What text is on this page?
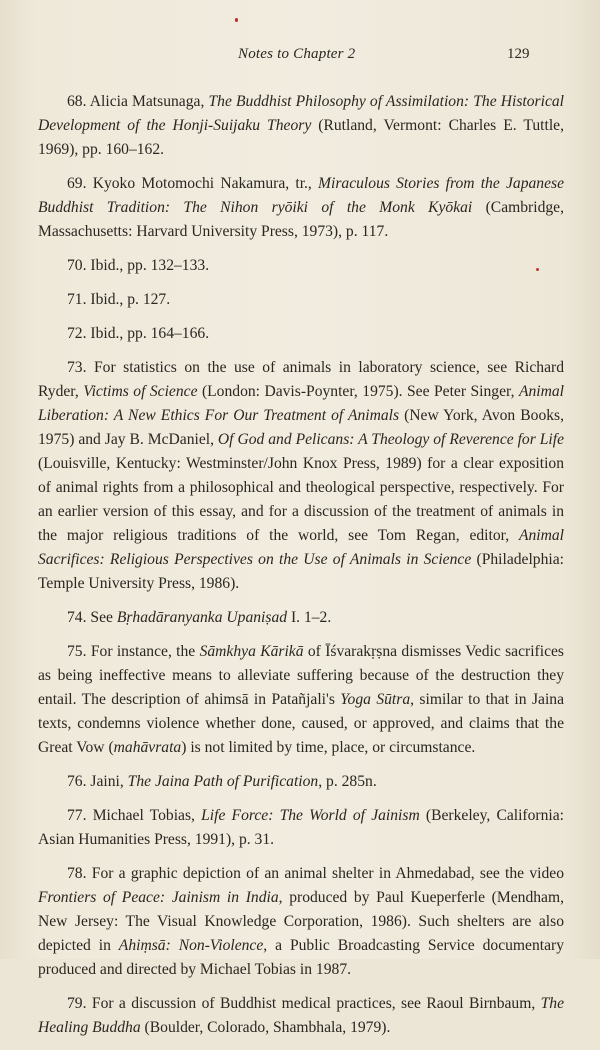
Notes to Chapter 2	129

68. Alicia Matsunaga, The Buddhist Philosophy of Assimilation: The Historical Development of the Honji-Suijaku Theory (Rutland, Vermont: Charles E. Tuttle, 1969), pp. 160–162.

69. Kyoko Motomochi Nakamura, tr., Miraculous Stories from the Japanese Buddhist Tradition: The Nihon ryōiki of the Monk Kyōkai (Cambridge, Massachusetts: Harvard University Press, 1973), p. 117.

70. Ibid., pp. 132–133.

71. Ibid., p. 127.

72. Ibid., pp. 164–166.

73. For statistics on the use of animals in laboratory science, see Richard Ryder, Victims of Science (London: Davis-Poynter, 1975). See Peter Singer, Animal Liberation: A New Ethics For Our Treatment of Animals (New York, Avon Books, 1975) and Jay B. McDaniel, Of God and Pelicans: A Theology of Reverence for Life (Louisville, Kentucky: Westminster/John Knox Press, 1989) for a clear exposition of animal rights from a philosophical and theological perspective, respectively. For an earlier version of this essay, and for a discussion of the treatment of animals in the major religious traditions of the world, see Tom Regan, editor, Animal Sacrifices: Religious Perspectives on the Use of Animals in Science (Philadelphia: Temple University Press, 1986).

74. See Bṛhadāranyanka Upaniṣad I. 1–2.

75. For instance, the Sāmkhya Kārikā of Īśvarakṛṣna dismisses Vedic sacrifices as being ineffective means to alleviate suffering because of the destruction they entail. The description of ahimsā in Patañjali's Yoga Sūtra, similar to that in Jaina texts, condemns violence whether done, caused, or approved, and claims that the Great Vow (mahāvrata) is not limited by time, place, or circumstance.

76. Jaini, The Jaina Path of Purification, p. 285n.

77. Michael Tobias, Life Force: The World of Jainism (Berkeley, California: Asian Humanities Press, 1991), p. 31.

78. For a graphic depiction of an animal shelter in Ahmedabad, see the video Frontiers of Peace: Jainism in India, produced by Paul Kueperferle (Mendham, New Jersey: The Visual Knowledge Corporation, 1986). Such shelters are also depicted in Ahiṃsā: Non-Violence, a Public Broadcasting Service documentary produced and directed by Michael Tobias in 1987.

79. For a discussion of Buddhist medical practices, see Raoul Birnbaum, The Healing Buddha (Boulder, Colorado, Shambhala, 1979).
